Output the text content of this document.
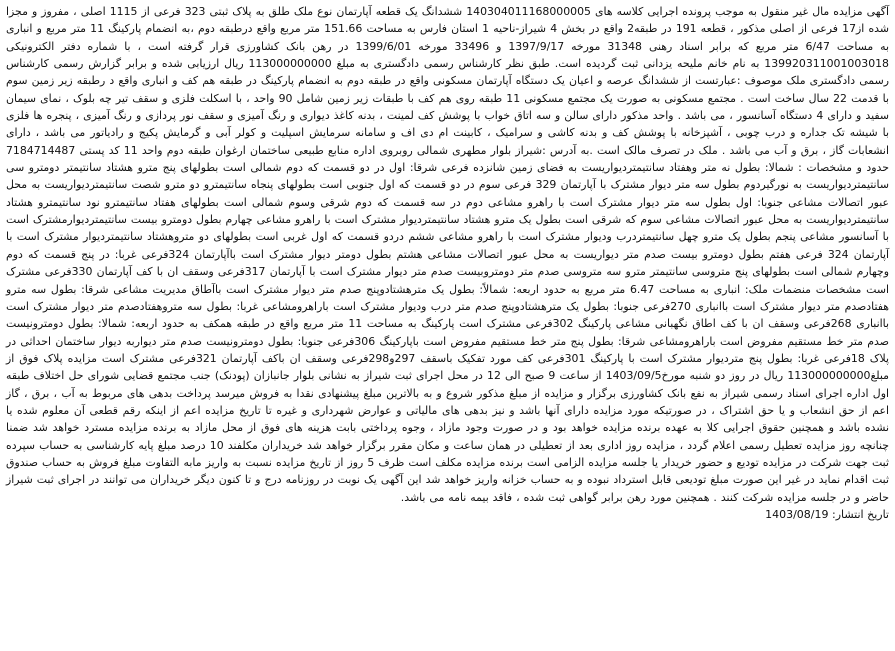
آگهی مزایده مال غیر منقول به موجب پرونده اجرایی کلاسه های 140304011168000005 ششدانگ یک قطعه آپارتمان نوع ملک طلق به پلاک ثبتی 323 فرعی از 1115 اصلی ، مفروز و مجزا شده از17 فرعی از اصلی مذکور ، قطعه 191 در طبقه2 واقع در بخش 4 شیراز-ناحیه 1 استان فارس به مساحت 151.66 متر مربع واقع درطبقه دوم ،به انضمام پارکینگ 11 متر مربع و انباری به مساحت 6/47 متر مربع که برابر اسناد رهنی 31348 مورخه 1397/9/17 و 33496 مورخه 1399/6/01 در رهن بانک کشاورزی قرار گرفته است ، با شماره دفتر الکترونیکی 139920311001003018 به نام خانم ملیحه یزدانی ثبت گردیده است. طبق نظر کارشناس رسمی دادگستری به مبلغ 113000000000 ریال ارزیابی شده و برابر گزارش رسمی کارشناس رسمی دادگستری ملک موصوف :عبارتست از ششدانگ عرصه و اعیان یک دستگاه آپارتمان مسکونی واقع در طبقه دوم به انضمام پارکینگ در طبقه هم کف و انباری واقع د رطبقه زیر زمین سوم با قدمت 22 سال ساخت است . مجتمع مسکونی به صورت یک مجتمع مسکونی 11 طبقه روی هم کف با طبقات زیر زمین شامل 90 واحد ، با اسکلت فلزی و سقف تیر چه بلوک ، نمای سیمان سفید و دارای 4 دستگاه آسانسور ، می باشد . واحد مذکور دارای سالن و سه اتاق خواب با پوشش کف لمینت ، بدنه کاغذ دیواری و رنگ آمیزی و سقف نور پردازی و رنگ آمیزی ، پنجره ها فلزی با شیشه تک جداره و درب چوبی ، آشپزخانه با پوشش کف و بدنه کاشی و سرامیک ، کابینت ام دی اف و سامانه سرمایش اسپلیت و کولر آبی و گرمایش پکیج و رادیاتور می باشد ، دارای انشعابات گاز ، برق و آب می باشد . ملک در تصرف مالک است .به آدرس :شیراز بلوار مطهری شمالی روبروی اداره منابع طبیعی ساختمان ارغوان طبقه دوم واحد 11 کد پستی 7184714487 حدود و مشخصات : شمالا: بطول نه متر وهفتاد سانتیمتردیواریست به فضای زمین شانزده فرعی شرقا: اول در دو قسمت که دوم شمالی است بطولهای پنج مترو هشتاد سانتیمتر دومترو سی سانتیمتردیواریست به نورگیردوم بطول سه متر دیوار مشترک با آپارتمان 329 فرعی سوم در دو قسمت که اول جنوبی است بطولهای پنجاه سانتیمترو دو مترو شصت سانتیمتردیواریست به محل عبور اتصالات مشاعی جنوبا: اول بطول سه متر دیوار مشترک است با راهرو مشاعی دوم در سه قسمت که دوم شرقی وسوم شمالی است بطولهای هفتاد سانتیمترو نود سانتیمترو هشتاد سانتیمتردیواریست به محل عبور اتصالات مشاعی سوم که شرقی است بطول یک مترو هشتاد سانتیمتردیوار مشترک است با راهرو مشاعی چهارم بطول دومترو بیست سانتیمتردیوارمشترک است با آسانسور مشاعی پنجم بطول یک مترو چهل سانتیمتردرب ودیوار مشترک است با راهرو مشاعی ششم دردو قسمت که اول غربی است بطولهای دو متروهشتاد سانتیمتردیوار مشترک است با آپارتمان 324 فرعی هفتم بطول دومترو بیست صدم متر دیواریست به محل عبور اتصالات مشاعی هشتم بطول دومتر دیوار مشترک است باآپارتمان 324فرعی غربا: در پنج قسمت که دوم وچهارم شمالی است بطولهای پنج متروسی سانتیمتر مترو سه متروسی صدم متر دومتروبیست صدم متر دیوار مشترک است با آپارتمان 317فرعی وسقف ان با کف آپارتمان 330فرعی مشترک است مشخصات منضمات ملک: انباری به مساحت 6.47 متر مربع به حدود اربعه: شمالاً: بطول یک مترهشتادوپنج صدم متر دیوار مشترک است باآطاق مدیریت مشاعی شرقا: بطول سه مترو هفتادصدم متر دیوار مشترک است باانباری 270فرعی جنوبا: بطول یک مترهشتادوپنج صدم متر درب ودیوار مشترک است باراهرومشاعی غربا: بطول سه متروهفتادصدم متر دیوار مشترک است باانباری 268فرعی وسقف ان با کف اطاق نگهبانی مشاعی پارکینگ 302فرعی مشترک است پارکینگ به مساحت 11 متر مربع واقع در طبقه همکف به حدود اربعه: شمالا: بطول دومترونیست صدم متر خط مستقیم مفروض است باراهرومشاعی شرقا: بطول پنج متر خط مستقیم مفروض است باپارکینگ 306فرعی جنوبا: بطول دومترونیست صدم متر دیواربه دیوار ساختمان احداثی در پلاک 18فرعی غربا: بطول پنج متردیوار مشترک است با پارکینگ 301فرعی کف مورد تفکیک باسقف 297و298فرعی وسقف ان باکف آپارتمان 321فرعی مشترک است مزایده پلاک فوق از مبلغ113000000000 ریال در روز دو شنبه مورخ1403/09/5 از ساعت 9 صبح الی 12 در محل اجرای ثبت شیراز به نشانی بلوار جانبازان (پودنک) جنب مجتمع قضایی شورای حل اختلاف طبقه اول اداره اجرای اسناد رسمی شیراز به نفع بانک کشاورزی برگزار و مزایده از مبلغ مذکور شروع و به بالاترین مبلغ پیشنهادی نقدا به فروش میرسد پرداخت بدهی های مربوط به آب ، برق ، گاز اعم از حق انشعاب و یا حق اشتراک ، در صورتیکه مورد مزایده دارای آنها باشد و نیز بدهی های مالیاتی و عوارض شهرداری و غیره تا تاریخ مزایده اعم از اینکه رقم قطعی آن معلوم شده یا نشده باشد و همچنین حقوق اجرایی کلا به عهده برنده مزایده خواهد بود و در صورت وجود مازاد ، وجوه پرداختی بابت هزینه های فوق از محل مازاد به برنده مزایده مسترد خواهد شد ضمنا چنانچه روز مزایده تعطیل رسمی اعلام گردد ، مزایده روز اداری بعد از تعطیلی در همان ساعت و مکان مقرر برگزار خواهد شد خریداران مکلفند 10 درصد مبلغ پایه کارشناسی به حساب سپرده ثبت جهت شرکت در مزایده تودیع و حضور خریدار یا جلسه مزایده الزامی است برنده مزایده مکلف است ظرف 5 روز از تاریخ مزایده نسبت به واریز مابه التفاوت مبلغ فروش به حساب صندوق ثبت اقدام نماید در غیر این صورت مبلغ تودیعی قابل استرداد نبوده و به حساب خزانه واریز خواهد شد این آگهی یک نوبت در روزنامه درج و تا کنون دیگر خریداران می توانند در اجرای ثبت شیراز حاضر و در جلسه مزایده شرکت کنند . همچنین مورد رهن برابر گواهی ثبت شده ، فاقد بیمه نامه می باشد.

تاریخ انتشار: 1403/08/19
